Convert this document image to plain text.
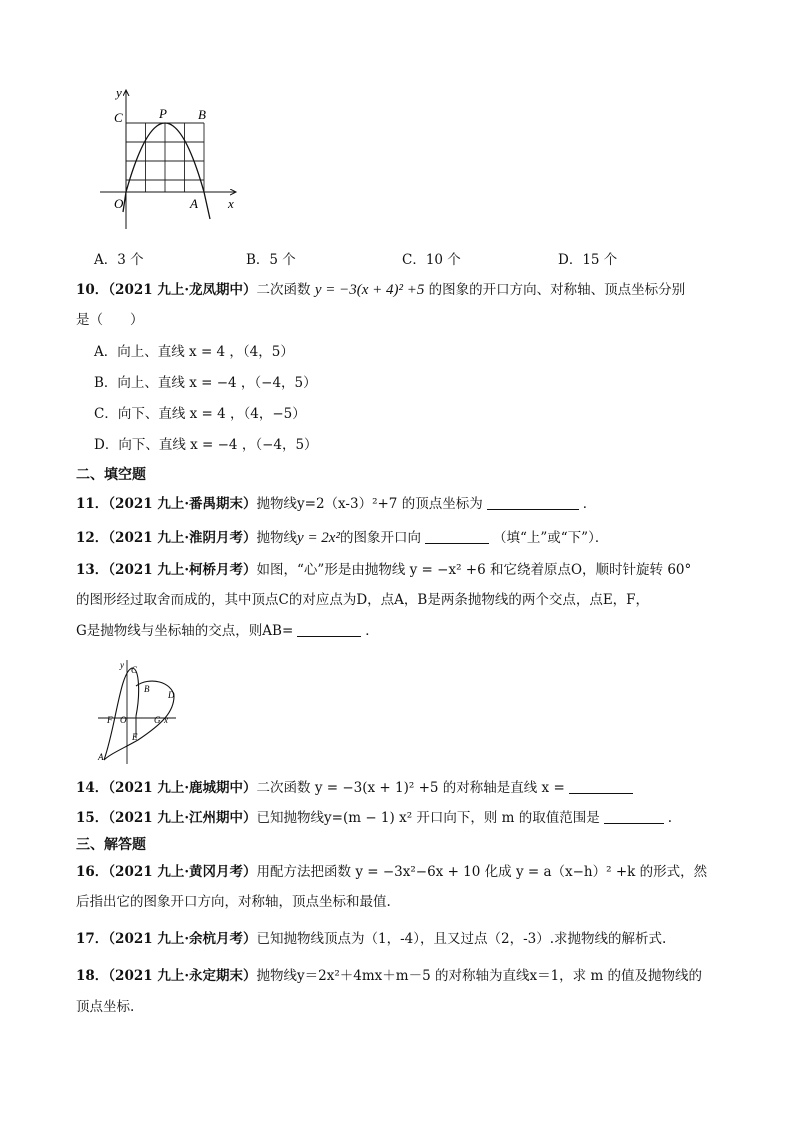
y
x
C	P B
O	A
A．3 个	B．5 个	C．10 个	D．15 个
10．（2021 九上·龙凤期中）二次函数 y = −3(x + 4)² +5 的图象的开口方向、对称轴、顶点坐标分别
是（　　）
A．向上、直线 x = 4 ，（4，5）
B．向上、直线 x = −4 ，（−4，5）
C．向下、直线 x = 4 ，（4，−5）
D．向下、直线 x = −4 ，（−4，5）
二、填空题
11．（2021 九上·番禺期末）抛物线y=2（x-3）²+7 的顶点坐标为	．
12．（2021 九上·淮阴月考）抛物线y = 2x²的图象开口向	（填“上”或“下”）．
13．（2021 九上·柯桥月考）如图，“心”形是由抛物线 y = −x² +6 和它绕着原点O，顺时针旋转 60°
的图形经过取舍而成的，其中顶点C的对应点为D，点A，B是两条抛物线的两个交点，点E，F，
G是抛物线与坐标轴的交点，则AB=	．
y C
B
D
F O	G x
E
A
14．（2021 九上·鹿城期中）二次函数 y = −3(x + 1)² +5 的对称轴是直线 x =
15．（2021 九上·江州期中）已知抛物线y=(m − 1) x² 开口向下，则 m 的取值范围是	.
三、解答题
16．（2021 九上·黄冈月考）用配方法把函数 y = −3x²−6x + 10 化成 y = a（x−h）² +k 的形式，然
后指出它的图象开口方向，对称轴，顶点坐标和最值.
17．（2021 九上·余杭月考）已知抛物线顶点为（1，-4），且又过点（2，-3）.求抛物线的解析式.
18．（2021 九上·永定期末）抛物线y＝2x²＋4mx＋m－5 的对称轴为直线x＝1，求 m 的值及抛物线的
顶点坐标.
